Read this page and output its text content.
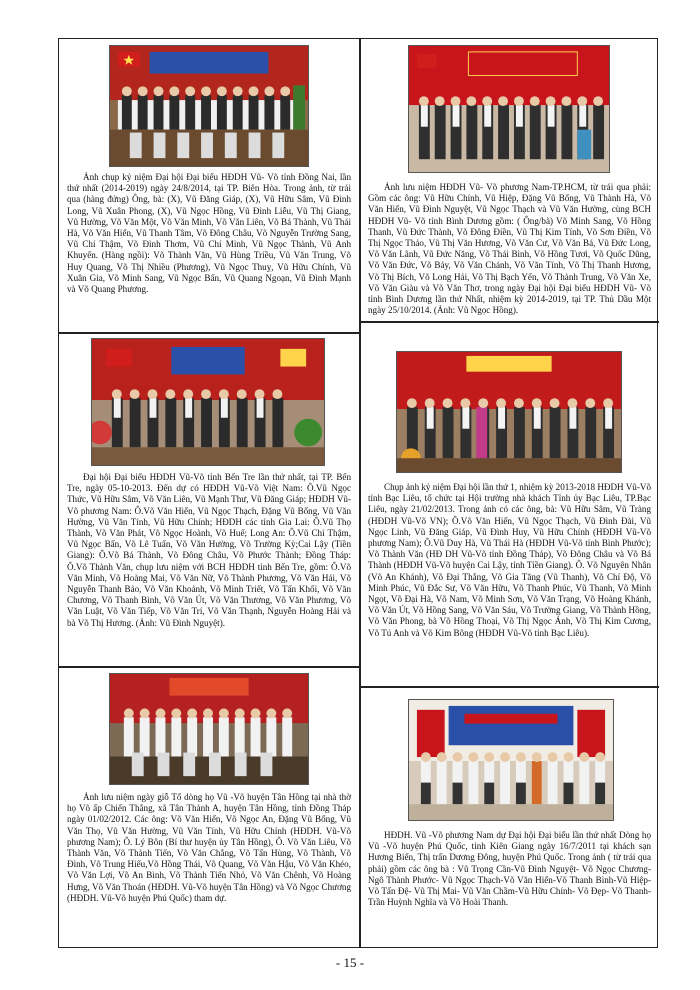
Ảnh chụp kỷ niệm Đại hội Đại biểu HĐDH Vũ- Võ tỉnh Đồng Nai, lần thứ nhất (2014-2019) ngày 24/8/2014, tại TP. Biên Hòa. Trong ảnh, từ trái qua (hàng đứng) Ông, bà: (X), Vũ Đăng Giáp, (X), Vũ Hữu Sâm, Vũ Đình Long, Vũ Xuân Phong, (X), Vũ Ngọc Hồng, Vũ Đình Liễu, Vũ Thị Giang, Vũ Hường, Võ Văn Một, Võ Văn Minh, Võ Văn Liên, Võ Bá Thành, Vũ Thái Hà, Võ Văn Hiển, Vũ Thanh Tâm, Võ Đông Châu, Võ Nguyễn Trường Sang, Vũ Chí Thậm, Võ Đình Thơm, Vũ Chí Minh, Vũ Ngọc Thành, Vũ Anh Khuyến. (Hàng ngồi): Võ Thành Văn, Vũ Hùng Triều, Vũ Văn Trung, Võ Huy Quang, Võ Thị Nhiều (Phương), Vũ Ngọc Thuỵ, Vũ Hữu Chính, Vũ Xuân Gia, Võ Minh Sang, Vũ Ngọc Bẩn, Vũ Quang Ngoạn, Vũ Đình Mạnh và Võ Quang Phương.

Ảnh lưu niệm HĐDH Vũ- Võ phương Nam-TP.HCM, từ trái qua phải: Gồm các ông: Vũ Hữu Chính, Vũ Hiệp, Đặng Vũ Bổng, Vũ Thành Hà, Võ Văn Hiển, Vũ Đình Nguyệt, Vũ Ngọc Thạch và Vũ Văn Hường, cùng BCH HĐDH Vũ- Võ tỉnh Bình Dương gồm: ( Ông/bà) Võ Minh Sang, Võ Hồng Thanh, Vũ Đức Thành, Võ Đông Điền, Vũ Thị Kim Tính, Võ Sơn Điền, Võ Thị Ngọc Thảo, Vũ Thị Văn Hương, Võ Văn Cư, Võ Văn Bá, Vũ Đức Long, Võ Văn Lãnh, Vũ Đức Năng, Võ Thái Bình, Võ Hồng Tươi, Võ Quốc Dũng, Võ Văn Đức, Võ Bảy, Võ Văn Chánh, Võ Văn Tính, Võ Thị Thanh Hương, Võ Thị Bích, Võ Long Hải, Võ Thị Bạch Yến, Võ Thành Trung, Võ Văn Xe, Võ Văn Giàu và Võ Văn Thơ, trong ngày Đại hội Đại biểu HĐDH Vũ- Võ tỉnh Bình Dương lần thứ Nhất, nhiệm kỳ 2014-2019, tại TP. Thủ Dầu Một ngày 25/10/2014. (Ảnh: Vũ Ngọc Hồng).

Đại hội Đại biểu HĐDH Vũ-Võ tỉnh Bến Tre lần thứ nhất, tại TP. Bến Tre, ngày 05-10-2013. Đến dự có HĐDH Vũ-Võ Việt Nam: Ô.Vũ Ngọc Thức, Vũ Hữu Sâm, Võ Văn Liên, Vũ Mạnh Thư, Vũ Đăng Giáp; HĐDH Vũ-Võ phương Nam: Ô.Võ Văn Hiển, Vũ Ngọc Thạch, Đặng Vũ Bổng, Vũ Văn Hường, Vũ Văn Tính, Vũ Hữu Chính; HĐDH các tỉnh Gia Lai: Ô.Vũ Thọ Thành, Võ Văn Phát, Võ Ngọc Hoành, Võ Huế; Long An: Ô.Vũ Chí Thậm, Vũ Ngọc Bẩn, Võ Lê Tuấn, Võ Văn Hường, Võ Trường Kỳ;Cai Lậy (Tiền Giang): Ô.Võ Bá Thành, Võ Đông Châu, Võ Phước Thành; Đồng Tháp: Ô.Võ Thành Văn, chụp lưu niệm với BCH HĐDH tỉnh Bến Tre, gồm: Ô.Võ Văn Minh, Võ Hoàng Mai, Võ Văn Nữ, Võ Thành Phương, Võ Văn Hải, Võ Nguyễn Thanh Bảo, Võ Văn Khoảnh, Võ Minh Triết, Võ Tấn Khối, Võ Văn Chương, Võ Thanh Bình, Võ Văn Út, Võ Văn Thương, Võ Văn Phương, Võ Văn Luật, Võ Văn Tiếp, Võ Văn Trí, Võ Văn Thạnh, Nguyễn Hoàng Hải và bà Võ Thị Hương. (Ảnh: Vũ Đình Nguyệt).

Chụp ảnh kỷ niệm Đại hội lần thứ 1, nhiệm kỳ 2013-2018 HĐDH Vũ-Võ tỉnh Bạc Liêu, tổ chức tại Hội trường nhà khách Tỉnh ủy Bạc Liêu, TP.Bạc Liêu, ngày 21/02/2013. Trong ảnh có các ông, bà: Vũ Hữu Sâm, Vũ Tràng (HĐDH Vũ-Võ VN); Ô.Võ Văn Hiển, Vũ Ngọc Thạch, Vũ Đình Đài, Vũ Ngọc Linh, Vũ Đăng Giáp, Vũ Đình Huy, Vũ Hữu Chính (HĐDH Vũ-Võ phương Nam); Ô.Vũ Duy Hà, Vũ Thái Hà (HĐDH Vũ-Võ tỉnh Bình Phước); Võ Thành Văn (HĐ DH Vũ-Võ tỉnh Đồng Tháp), Võ Đông Châu và Võ Bá Thành (HĐDH Vũ-Võ huyện Cai Lậy, tỉnh Tiền Giang). Ô. Võ Nguyên Nhân (Võ An Khánh), Võ Đại Thắng, Võ Gia Tăng (Vũ Thanh), Võ Chí Độ, Võ Minh Phúc, Vũ Đắc Sư, Võ Văn Hữu, Võ Thanh Phúc, Vũ Thanh, Võ Minh Ngọt, Võ Đại Hà, Võ Nam, Võ Minh Sơn, Võ Văn Trạng, Võ Hoàng Khánh, Võ Văn Út, Võ Hồng Sang, Võ Văn Sáu, Võ Trường Giang, Võ Thành Hồng, Võ Văn Phong, bà Võ Hồng Thoại, Võ Thị Ngọc Ánh, Võ Thị Kim Cương, Võ Tú Anh và Võ Kim Bông (HĐDH Vũ-Võ tỉnh Bạc Liêu).

Ảnh lưu niệm ngày giỗ Tổ dòng họ Vũ -Võ huyện Tân Hồng tại nhà thờ họ Võ ấp Chiến Thắng, xã Tân Thành A, huyện Tân Hồng, tỉnh Đồng Tháp ngày 01/02/2012. Các ông: Võ Văn Hiển, Võ Ngọc An, Đặng Vũ Bổng, Vũ Văn Thọ, Vũ Văn Hường, Vũ Văn Tính, Vũ Hữu Chính (HĐDH. Vũ-Võ phương Nam); Ô. Lý Bôn (Bí thư huyện ủy Tân Hồng), Ô. Võ Văn Liêu, Võ Thành Văn, Võ Thành Tiến, Võ Văn Chẳng, Võ Tấn Hùng, Võ Thành, Võ Đình, Võ Trung Hiếu,Võ Hồng Thái, Võ Quang, Võ Văn Hậu, Võ Văn Khéo, Võ Văn Lợi, Võ An Bình, Võ Thành Tiến Nhỏ, Võ Văn Chênh, Võ Hoàng Hưng, Võ Văn Thoán (HĐDH. Vũ-Võ huyện Tân Hồng) và Võ Ngọc Chương (HĐDH. Vũ-Võ huyện Phú Quốc) tham dự.

HĐDH. Vũ -Võ phương Nam dự Đại hội Đại biểu lần thứ nhất Dòng họ Vũ -Võ huyện Phú Quốc, tỉnh Kiên Giang ngày 16/7/2011 tại khách sạn Hương Biển, Thị trấn Dương Đông, huyện Phú Quốc. Trong ảnh ( từ trái qua phải) gồm các ông bà : Vũ Trọng Cần-Vũ Đình Nguyệt- Võ Ngọc Chương- Ngô Thành Phước- Vũ Ngọc Thạch-Võ Văn Hiển-Võ Thanh Bình-Vũ Hiệp-Võ Tấn Đệ- Vũ Thị Mai- Vũ Văn Chầm-Vũ Hữu Chính- Võ Đẹp- Võ Thanh-Trần Huỳnh Nghĩa và Võ Hoài Thanh.

- 15 -
